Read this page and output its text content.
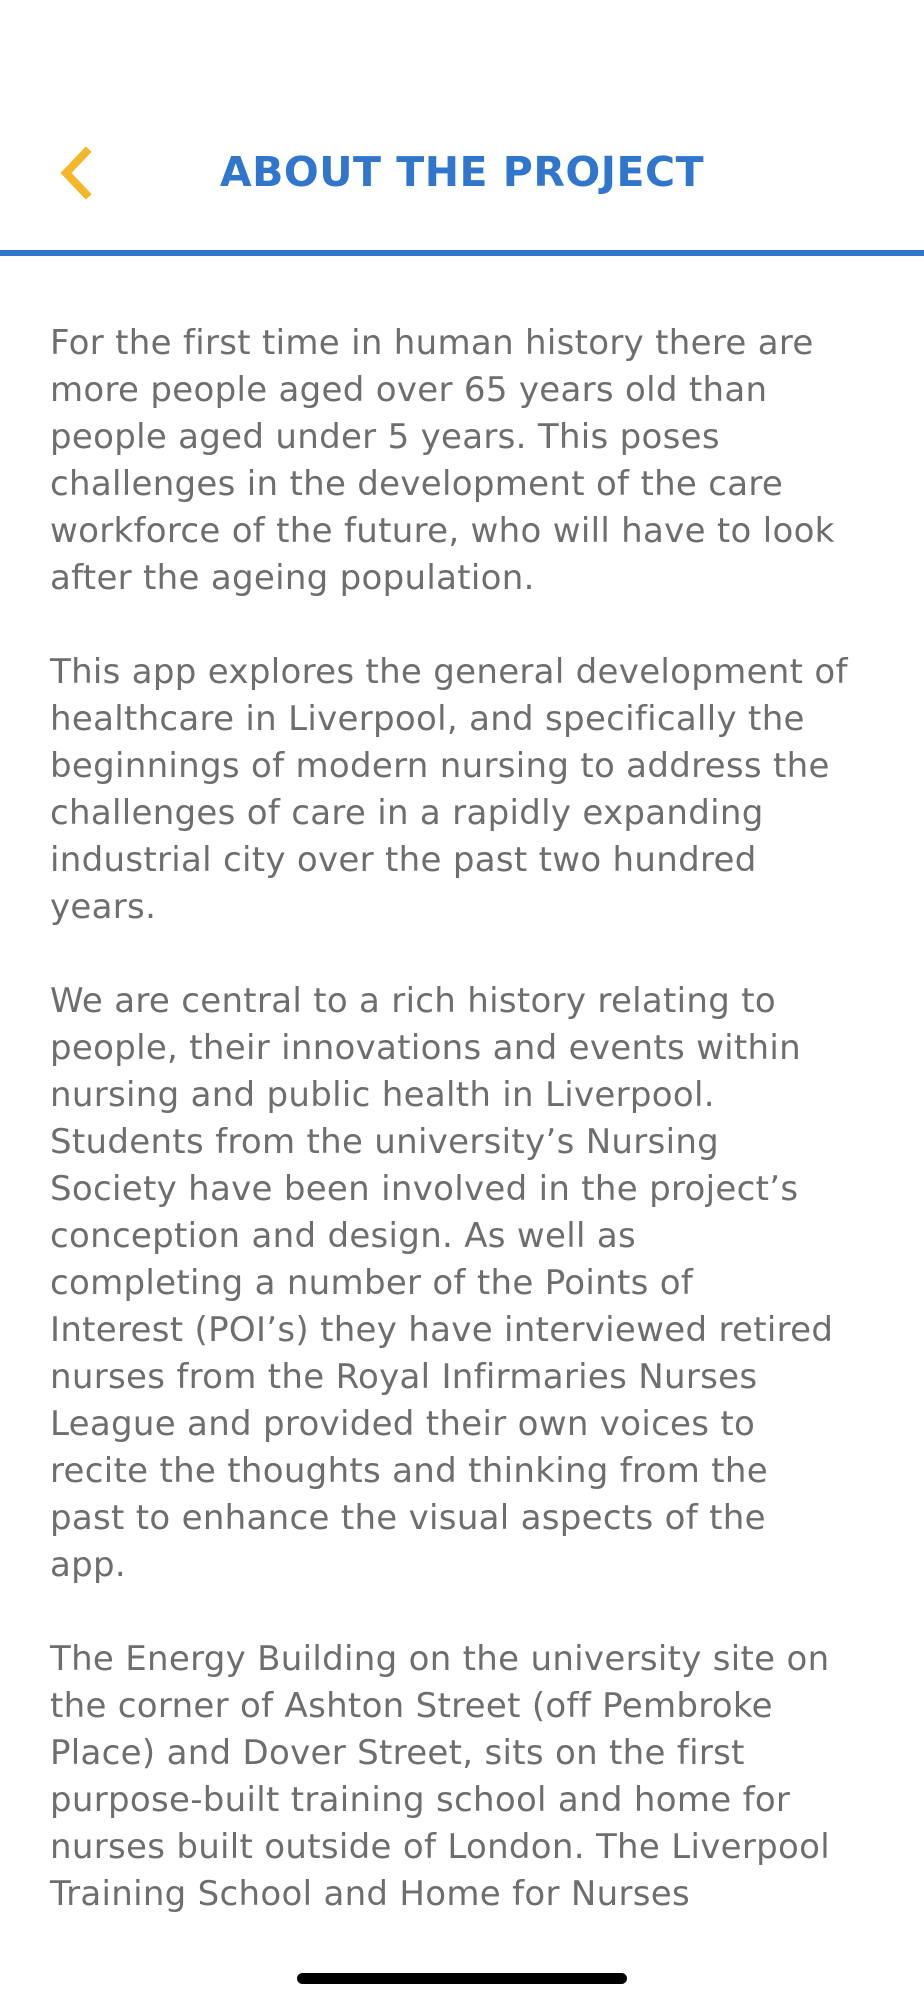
ABOUT THE PROJECT

For the first time in human history there are
more people aged over 65 years old than
people aged under 5 years. This poses
challenges in the development of the care
workforce of the future, who will have to look
after the ageing population.

This app explores the general development of
healthcare in Liverpool, and specifically the
beginnings of modern nursing to address the
challenges of care in a rapidly expanding
industrial city over the past two hundred
years.

We are central to a rich history relating to
people, their innovations and events within
nursing and public health in Liverpool.
Students from the university’s Nursing
Society have been involved in the project’s
conception and design. As well as
completing a number of the Points of
Interest (POI’s) they have interviewed retired
nurses from the Royal Infirmaries Nurses
League and provided their own voices to
recite the thoughts and thinking from the
past to enhance the visual aspects of the
app.

The Energy Building on the university site on
the corner of Ashton Street (off Pembroke
Place) and Dover Street, sits on the first
purpose-built training school and home for
nurses built outside of London. The Liverpool
Training School and Home for Nurses
